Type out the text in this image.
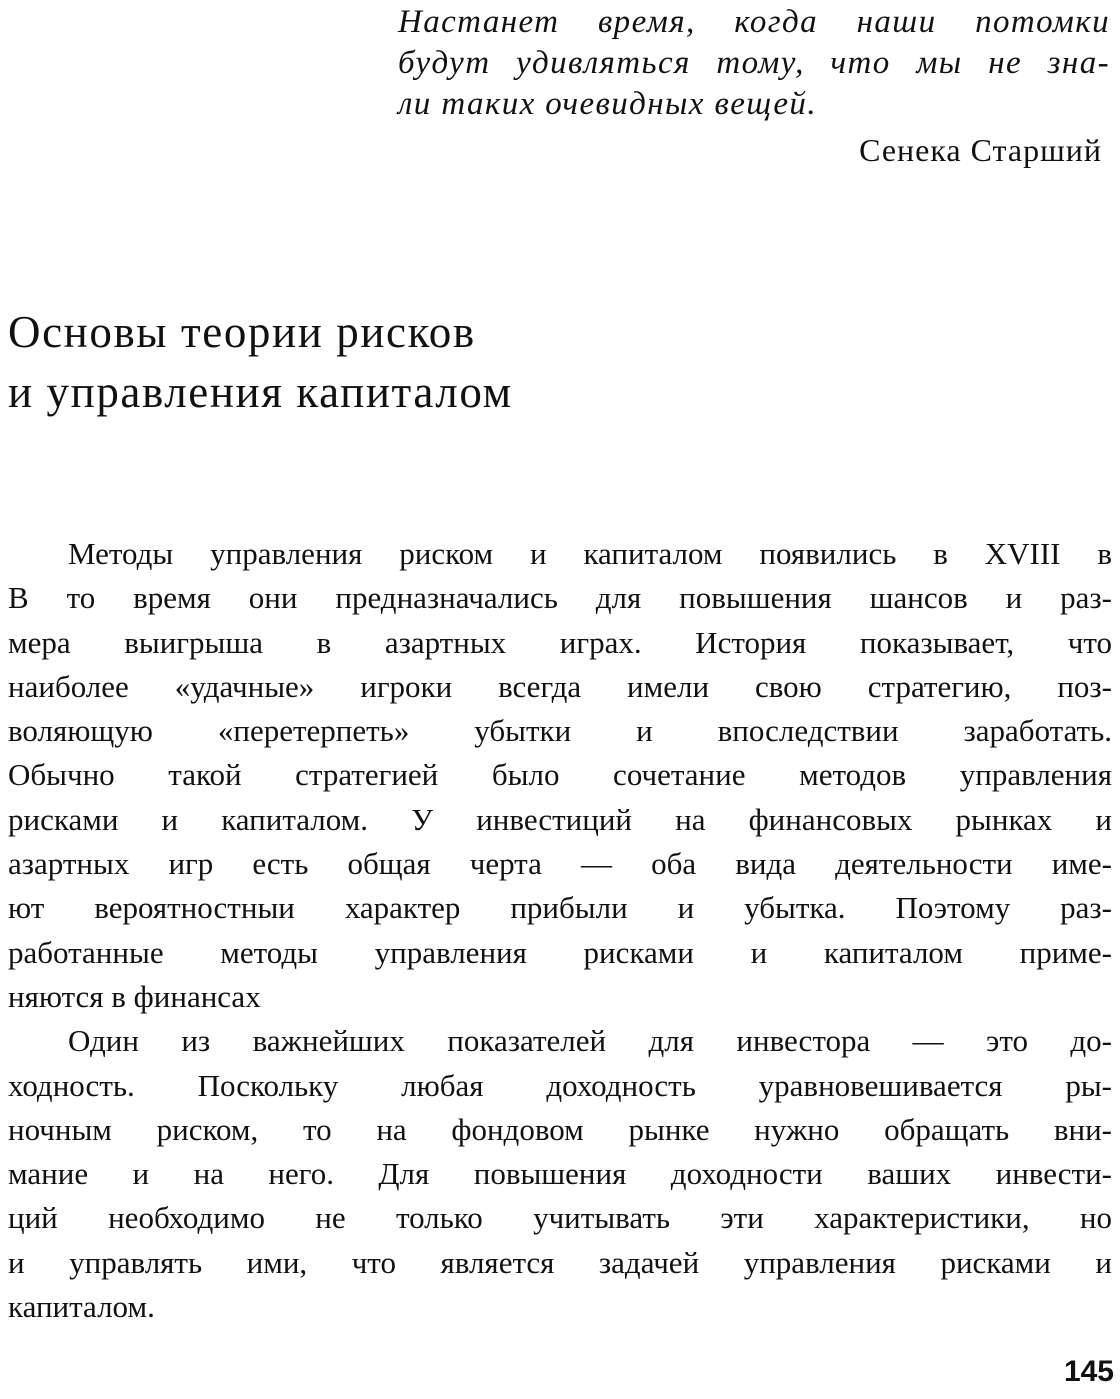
Настанет время, когда наши потомки
будут удивляться тому, что мы не зна-
ли таких очевидных вещей.
Сенека Старший
Основы теории рисков
и управления капиталом
Методы управления риском и капиталом появились в XVIII в
В то время они предназначались для повышения шансов и раз-
мера выигрыша в азартных играх. История показывает, что
наиболее «удачные» игроки всегда имели свою стратегию, поз-
воляющую «перетерпеть» убытки и впоследствии заработать.
Обычно такой стратегией было сочетание методов управления
рисками и капиталом. У инвестиций на финансовых рынках и
азартных игр есть общая черта — оба вида деятельности име-
ют вероятностныи характер прибыли и убытка. Поэтому раз-
работанные методы управления рисками и капиталом приме-
няются в финансах
Один из важнейших показателей для инвестора — это до-
ходность. Поскольку любая доходность уравновешивается ры-
ночным риском, то на фондовом рынке нужно обращать вни-
мание и на него. Для повышения доходности ваших инвести-
ций необходимо не только учитывать эти характеристики, но
и управлять ими, что является задачей управления рисками и
капиталом.
145
